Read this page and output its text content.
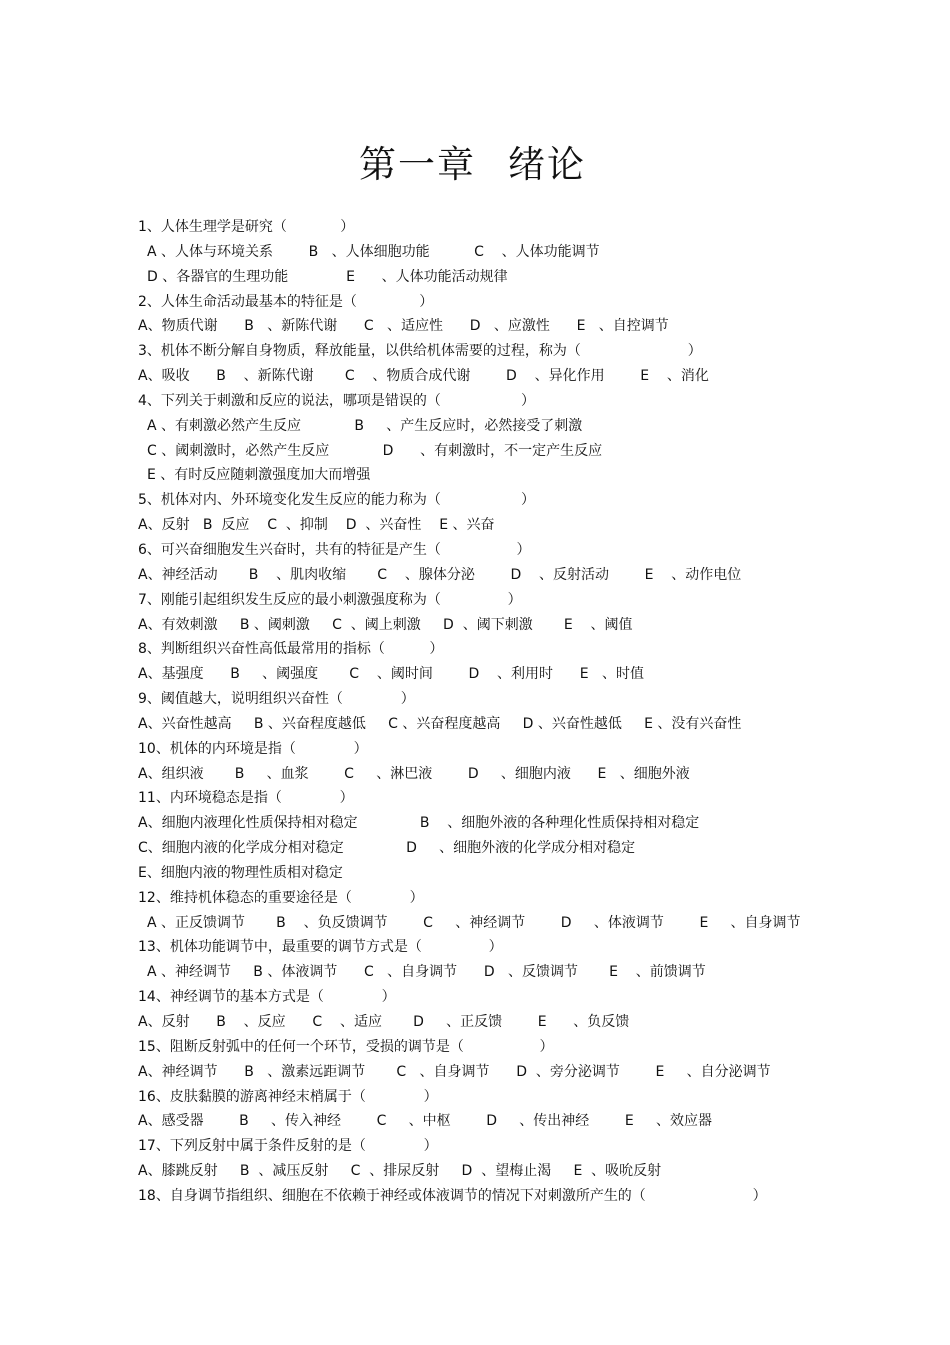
第一章 绪论
1、人体生理学是研究（            ）
A 、人体与环境关系        B   、人体细胞功能          C    、人体功能调节
D 、各器官的生理功能             E      、人体功能活动规律
2、人体生命活动最基本的特征是（              ）
A、物质代谢      B   、新陈代谢      C   、适应性      D   、应激性      E   、自控调节
3、机体不断分解自身物质，释放能量，以供给机体需要的过程，称为（                        ）
A、吸收      B    、新陈代谢       C    、物质合成代谢        D    、异化作用        E    、消化
4、下列关于刺激和反应的说法，哪项是错误的（                  ）
A 、有刺激必然产生反应            B     、产生反应时，必然接受了刺激
C 、阈刺激时，必然产生反应            D      、有刺激时，不一定产生反应
E 、有时反应随刺激强度加大而增强
5、机体对内、外环境变化发生反应的能力称为（                  ）
A、反射   B  反应    C  、抑制    D  、兴奋性    E 、兴奋
6、可兴奋细胞发生兴奋时，共有的特征是产生（                 ）
A、神经活动       B    、肌肉收缩       C    、腺体分泌        D    、反射活动        E    、动作电位
7、刚能引起组织发生反应的最小刺激强度称为（               ）
A、有效刺激     B 、阈刺激     C  、阈上刺激     D  、阈下刺激       E    、阈值
8、判断组织兴奋性高低最常用的指标（          ）
A、基强度      B     、阈强度       C    、阈时间        D    、利用时      E   、时值
9、阈值越大，说明组织兴奋性（             ）
A、兴奋性越高     B 、兴奋程度越低     C 、兴奋程度越高     D 、兴奋性越低     E 、没有兴奋性
10、机体的内环境是指（             ）
A、组织液       B     、血浆        C     、淋巴液        D     、细胞内液      E   、细胞外液
11、内环境稳态是指（             ）
A、细胞内液理化性质保持相对稳定              B    、细胞外液的各种理化性质保持相对稳定
C、细胞内液的化学成分相对稳定              D     、细胞外液的化学成分相对稳定
E、细胞内液的物理性质相对稳定
12、维持机体稳态的重要途径是（             ）
A 、正反馈调节       B    、负反馈调节        C     、神经调节        D     、体液调节        E     、自身调节
13、机体功能调节中，最重要的调节方式是（               ）
A 、神经调节     B 、体液调节      C   、自身调节      D   、反馈调节       E    、前馈调节
14、神经调节的基本方式是（             ）
A、反射      B    、反应      C    、适应       D     、正反馈        E      、负反馈
15、阻断反射弧中的任何一个环节，受损的调节是（                 ）
A、神经调节      B   、激素远距调节       C   、自身调节      D  、旁分泌调节        E     、自分泌调节
16、皮肤黏膜的游离神经末梢属于（             ）
A、感受器        B     、传入神经        C     、中枢        D     、传出神经        E     、效应器
17、下列反射中属于条件反射的是（             ）
A、膝跳反射     B  、减压反射     C  、排尿反射     D  、望梅止渴     E  、吸吮反射
18、自身调节指组织、细胞在不依赖于神经或体液调节的情况下对刺激所产生的（                        ）
